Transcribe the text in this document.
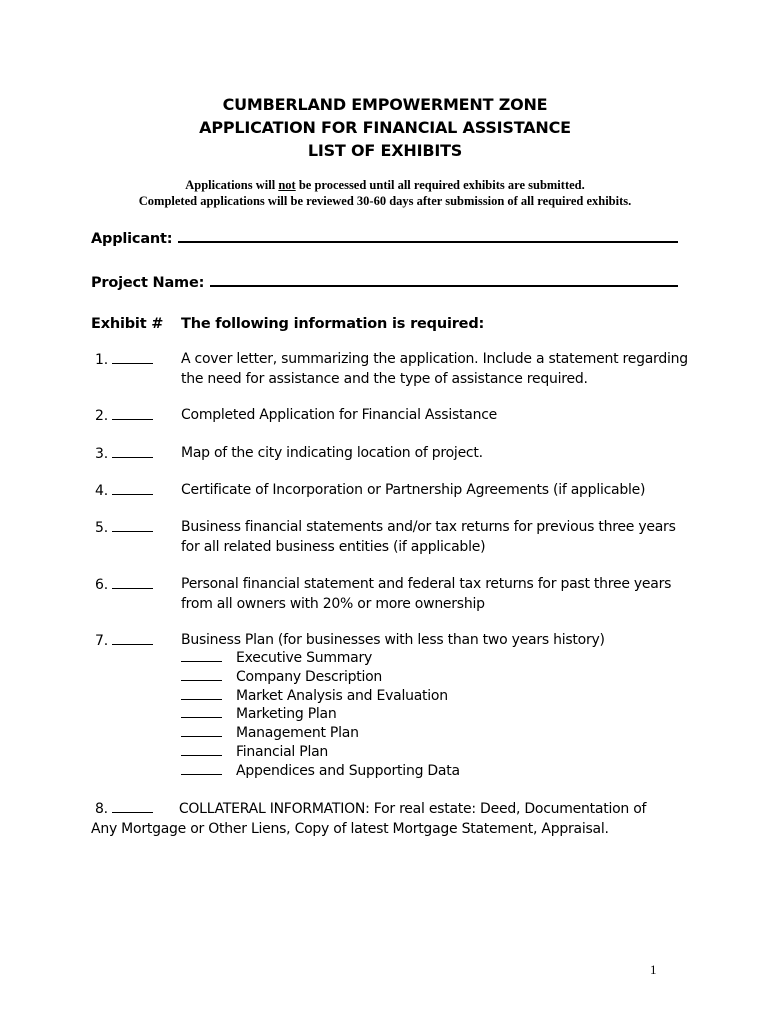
CUMBERLAND EMPOWERMENT ZONE
APPLICATION FOR FINANCIAL ASSISTANCE
LIST OF EXHIBITS
Applications will not be processed until all required exhibits are submitted.
Completed applications will be reviewed 30-60 days after submission of all required exhibits.
Applicant:
Project Name:
Exhibit # The following information is required:
1.	A cover letter, summarizing the application. Include a statement regarding
the need for assistance and the type of assistance required.
2.	Completed Application for Financial Assistance
3.	Map of the city indicating location of project.
4.	Certificate of Incorporation or Partnership Agreements (if applicable)
5.	Business financial statements and/or tax returns for previous three years
for all related business entities (if applicable)
6.	Personal financial statement and federal tax returns for past three years
from all owners with 20% or more ownership
7.	Business Plan (for businesses with less than two years history)
Executive Summary
Company Description
Market Analysis and Evaluation
Marketing Plan
Management Plan
Financial Plan
Appendices and Supporting Data
8.	COLLATERAL INFORMATION: For real estate: Deed, Documentation of
Any Mortgage or Other Liens, Copy of latest Mortgage Statement, Appraisal.
1
